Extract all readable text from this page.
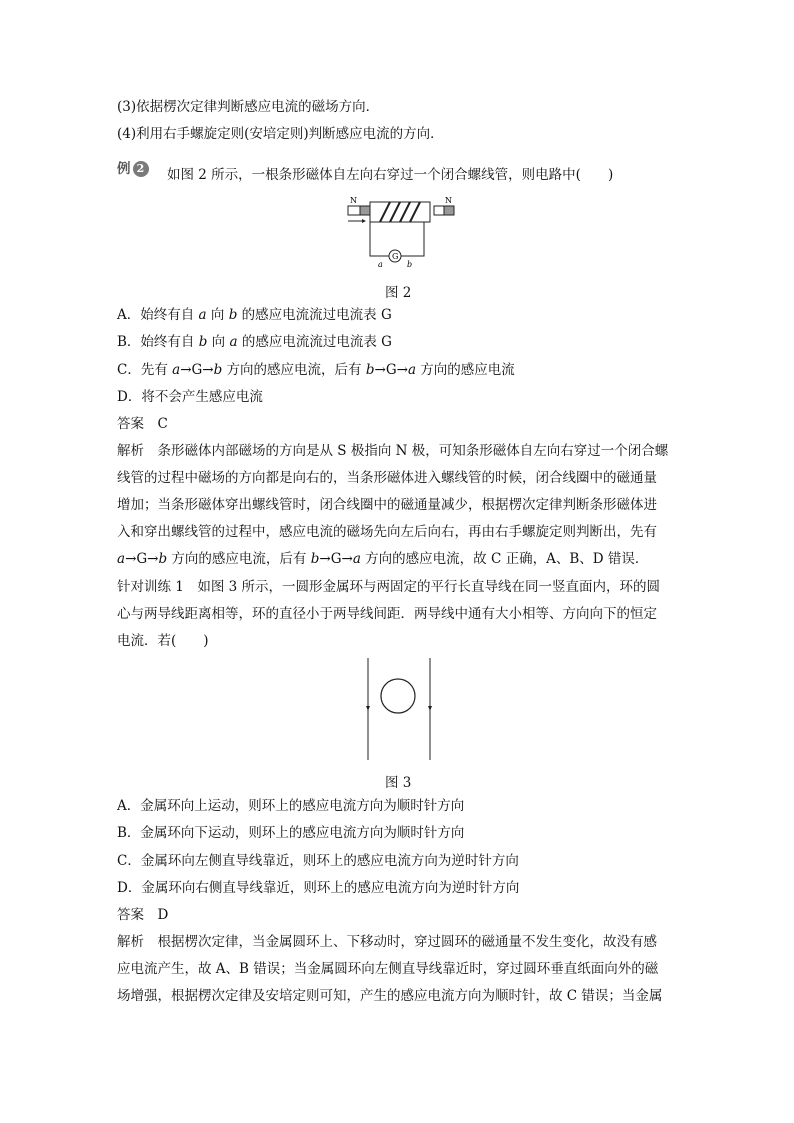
(3)依据楞次定律判断感应电流的磁场方向．
(4)利用右手螺旋定则(安培定则)判断感应电流的方向．
例 2	如图 2 所示，一根条形磁体自左向右穿过一个闭合螺线管，则电路中(　　)
N	N
G
a	b
图 2
A．始终有自 a 向 b 的感应电流流过电流表 G
B．始终有自 b 向 a 的感应电流流过电流表 G
C．先有 a→G→b 方向的感应电流，后有 b→G→a 方向的感应电流
D．将不会产生感应电流
答案　C
解析　条形磁体内部磁场的方向是从 S 极指向 N 极，可知条形磁体自左向右穿过一个闭合螺
线管的过程中磁场的方向都是向右的，当条形磁体进入螺线管的时候，闭合线圈中的磁通量
增加；当条形磁体穿出螺线管时，闭合线圈中的磁通量减少，根据楞次定律判断条形磁体进
入和穿出螺线管的过程中，感应电流的磁场先向左后向右，再由右手螺旋定则判断出，先有
a→G→b 方向的感应电流，后有 b→G→a 方向的感应电流，故 C 正确，A、B、D 错误．
针对训练 1　如图 3 所示，一圆形金属环与两固定的平行长直导线在同一竖直面内，环的圆
心与两导线距离相等，环的直径小于两导线间距．两导线中通有大小相等、方向向下的恒定
电流．若(　　)
图 3
A．金属环向上运动，则环上的感应电流方向为顺时针方向
B．金属环向下运动，则环上的感应电流方向为顺时针方向
C．金属环向左侧直导线靠近，则环上的感应电流方向为逆时针方向
D．金属环向右侧直导线靠近，则环上的感应电流方向为逆时针方向
答案　D
解析　根据楞次定律，当金属圆环上、下移动时，穿过圆环的磁通量不发生变化，故没有感
应电流产生，故 A、B 错误；当金属圆环向左侧直导线靠近时，穿过圆环垂直纸面向外的磁
场增强，根据楞次定律及安培定则可知，产生的感应电流方向为顺时针，故 C 错误；当金属
